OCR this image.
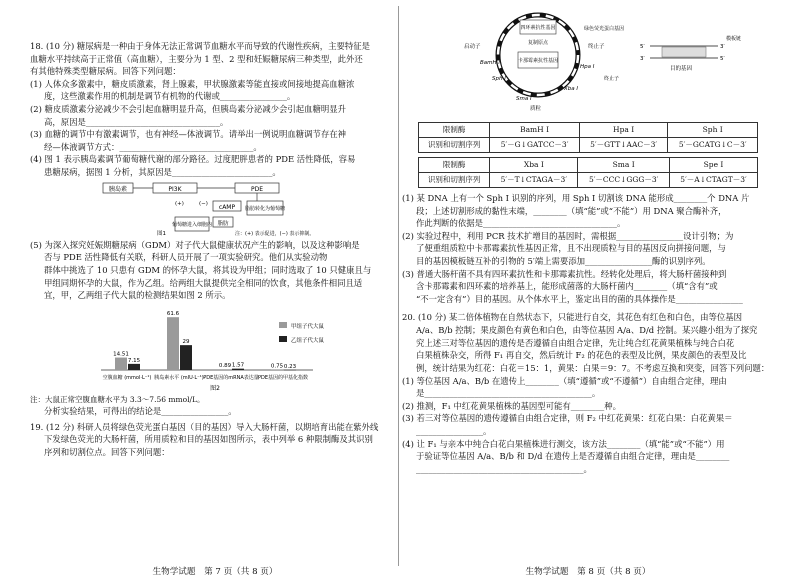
18. (10 分) 糖尿病是一种由于身体无法正常调节血糖水平而导致的代谢性疾病，主要特征是

血糖水平持续高于正常值（高血糖），主要分为 1 型、2 型和妊娠糖尿病三种类型，此外还

有其他特殊类型糖尿病。回答下列问题：

(1) 人体众多激素中，糖皮质激素，肾上腺素，甲状腺激素等能直接或间接地提高血糖浓

度，这些激素作用的机制是调节有机物的代谢或________________。

(2) 糖皮质激素分泌减少不会引起血糖明显升高，但胰岛素分泌减少会引起血糖明显升

高，原因是________________________________。

(3) 血糖的调节中有激素调节，也有神经—体液调节。请举出一例说明血糖调节存在神

经—体液调节方式：________________________________。

(4) 图 1 表示胰岛素调节葡萄糖代谢的部分路径。过度肥胖患者的 PDE 活性降低，容易

患糖尿病，据图 1 分析，其原因是________________________。

胰岛素	PI3K	PDE
cAMP 脂肪转化为葡萄糖
葡萄糖进入细胞内 脂肪
(+)	(−)
注：(+) 表示促进，(−) 表示抑制。
图1

(5) 为深入探究妊娠期糖尿病（GDM）对子代大鼠健康状况产生的影响，以及这种影响是

否与 PDE 活性降低有关联，科研人员开展了一项实验研究。他们从实验动物

群体中挑选了 10 只患有 GDM 的怀孕大鼠，将其设为甲组；同时选取了 10 只健康且与

甲组同期怀孕的大鼠，作为乙组。给两组大鼠提供完全相同的饮食，其他条件相同且适

宜，甲，乙两组子代大鼠的检测结果如图 2 所示。

14.51
7.15
空腹血糖 (mmol·L⁻¹)
61.6
29
胰岛素水平 (mIU·L⁻¹)
0.89 1.57
PDE基因的mRNA表达量
0.75 0.23
PDE基因的甲基化指数
甲组子代大鼠
乙组子代大鼠
图2

注：大鼠正常空腹血糖水平为 3.3～7.56 mmol/L。

分析实验结果，可得出的结论是________________。

19. (12 分) 科研人员将绿色荧光蛋白基因（目的基因）导入大肠杆菌，以期培育出能在紫外线

下发绿色荧光的大肠杆菌，所用质粒和目的基因如图所示，表中列举 6 种限制酶及其识别

序列和切割位点。回答下列问题：

生物学试题　第 7 页（共 8 页）
四环素抗性基因
卡那霉素抗性基因
复制原点
启动子	终止子
BamH I
Sph I
Hpa I
Xba I
Sma I
质粒
5′	3′
3′	5′
目的基因
模板链
绿色荧光蛋白基因
终止子
限制酶	BamH I	Hpa I	Sph I
识别和切割序列	5′－G↓GATCC－3′	5′－GTT↓AAC－3′	5′－GCATG↓C－3′
限制酶	Xba I	Sma I	Spe I
识别和切割序列	5′－T↓CTAGA－3′	5′－CCC↓GGG－3′	5′－A↓CTAGT－3′

(1) 某 DNA 上有一个 Sph I 识别的序列，用 Sph I 切割该 DNA 能形成________个 DNA 片

段；上述切割形成的黏性末端，________（填“能”或“不能”）用 DNA 聚合酶补齐，

作此判断的依据是________________________________。

(2) 实验过程中，利用 PCR 技术扩增目的基因时，需根据________________设计引物；为

了便重组质粒中卡那霉素抗性基因正常，且不出现质粒与目的基因反向拼接问题，与

目的基因模板链互补的引物的 5′端上需要添加________________酶的识别序列。

(3) 普通大肠杆菌不具有四环素抗性和卡那霉素抗性。经转化处理后，将大肠杆菌接种到

含卡那霉素和四环素的培养基上，能形成菌落的大肠杆菌内________（填“含有”或

“不一定含有”）目的基因。从个体水平上，鉴定出目的菌的具体操作是________________

20. (10 分) 某二倍体植物在自然状态下，只能进行自交，其花色有红色和白色，由等位基因

A/a、B/b 控制；果皮颜色有黄色和白色，由等位基因 A/a、D/d 控制。某兴趣小组为了探究

究上述三对等位基因的遗传是否遵循自由组合定律，先让纯合红花黄果植株与纯合白花

白果植株杂交，所得 F₁ 再自交，然后统计 F₂ 的花色的表型及比例，果皮颜色的表型及比

例，统计结果为红花：白花＝15：1，黄果：白果＝9：7。不考虑互换和突变，回答下列问题：

(1) 等位基因 A/a、B/b 在遗传上________（填“遵循”或“不遵循”）自由组合定律，理由

是________________________________________。

(2) 推测，F₁ 中红花黄果植株的基因型可能有________种。

(3) 若三对等位基因的遗传遵循自由组合定律，则 F₂ 中红花黄果：红花白果：白花黄果＝

________________。

(4) 让 F₁ 与亲本中纯合白花白果植株进行测交，该方法________（填“能”或“不能”）用

于验证等位基因 A/a、B/b 和 D/d 在遗传上是否遵循自由组合定律，理由是________

________________________________________。

生物学试题　第 8 页（共 8 页）
